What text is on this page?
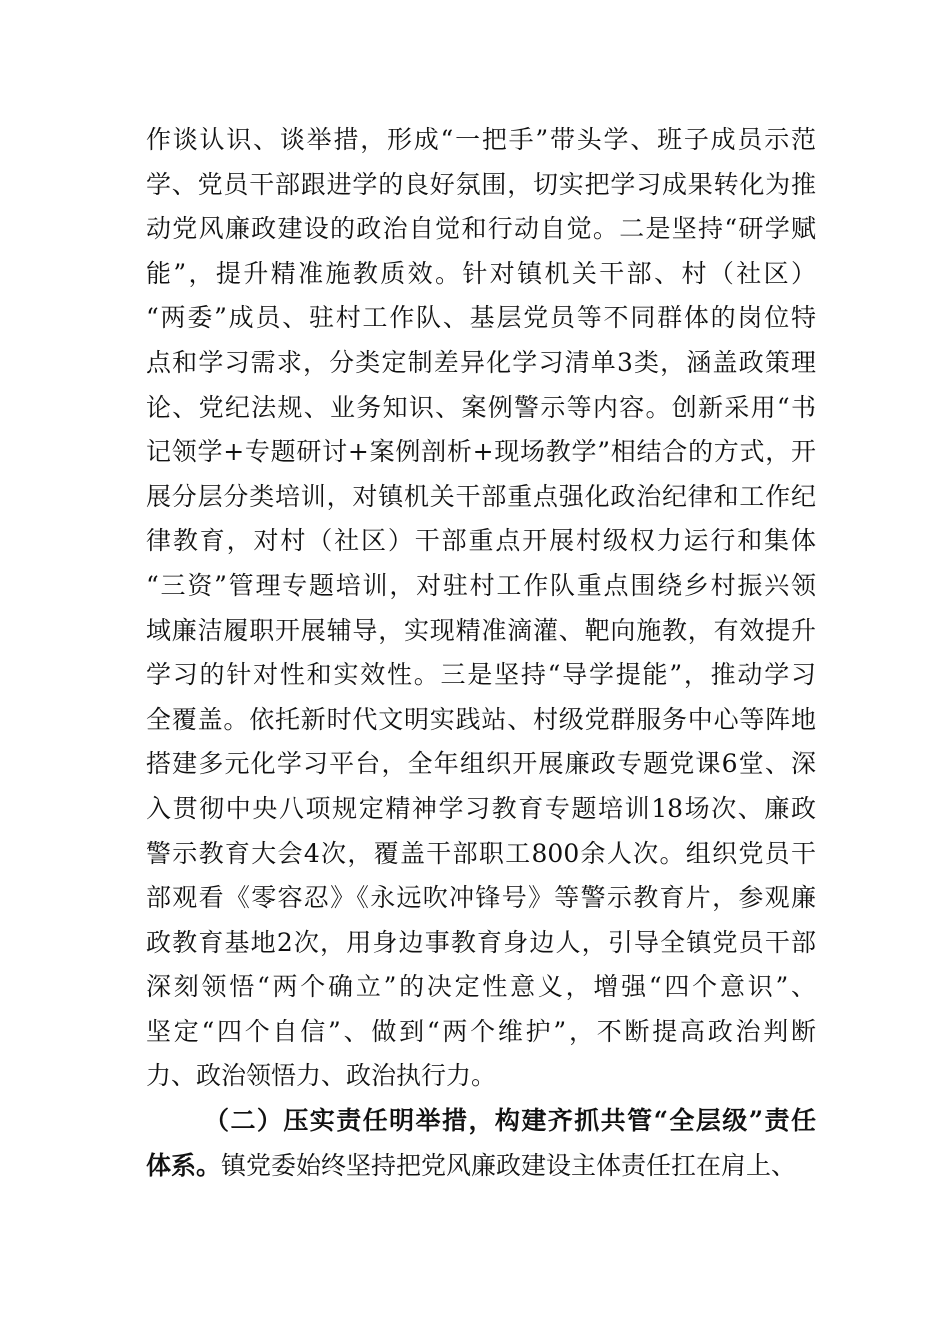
作谈认识、谈举措，形成“一把手”带头学、班子成员示范
学、党员干部跟进学的良好氛围，切实把学习成果转化为推
动党风廉政建设的政治自觉和行动自觉。二是坚持“研学赋
能”，提升精准施教质效。针对镇机关干部、村（社区）
“两委”成员、驻村工作队、基层党员等不同群体的岗位特
点和学习需求，分类定制差异化学习清单3类，涵盖政策理
论、党纪法规、业务知识、案例警示等内容。创新采用“书
记领学+专题研讨+案例剖析+现场教学”相结合的方式，开
展分层分类培训，对镇机关干部重点强化政治纪律和工作纪
律教育，对村（社区）干部重点开展村级权力运行和集体
“三资”管理专题培训，对驻村工作队重点围绕乡村振兴领
域廉洁履职开展辅导，实现精准滴灌、靶向施教，有效提升
学习的针对性和实效性。三是坚持“导学提能”，推动学习
全覆盖。依托新时代文明实践站、村级党群服务中心等阵地
搭建多元化学习平台，全年组织开展廉政专题党课6堂、深
入贯彻中央八项规定精神学习教育专题培训18场次、廉政
警示教育大会4次，覆盖干部职工800余人次。组织党员干
部观看《零容忍》《永远吹冲锋号》等警示教育片，参观廉
政教育基地2次，用身边事教育身边人，引导全镇党员干部
深刻领悟“两个确立”的决定性意义，增强“四个意识”、
坚定“四个自信”、做到“两个维护”，不断提高政治判断
力、政治领悟力、政治执行力。
（二）压实责任明举措，构建齐抓共管“全层级”责任
体系。镇党委始终坚持把党风廉政建设主体责任扛在肩上、
